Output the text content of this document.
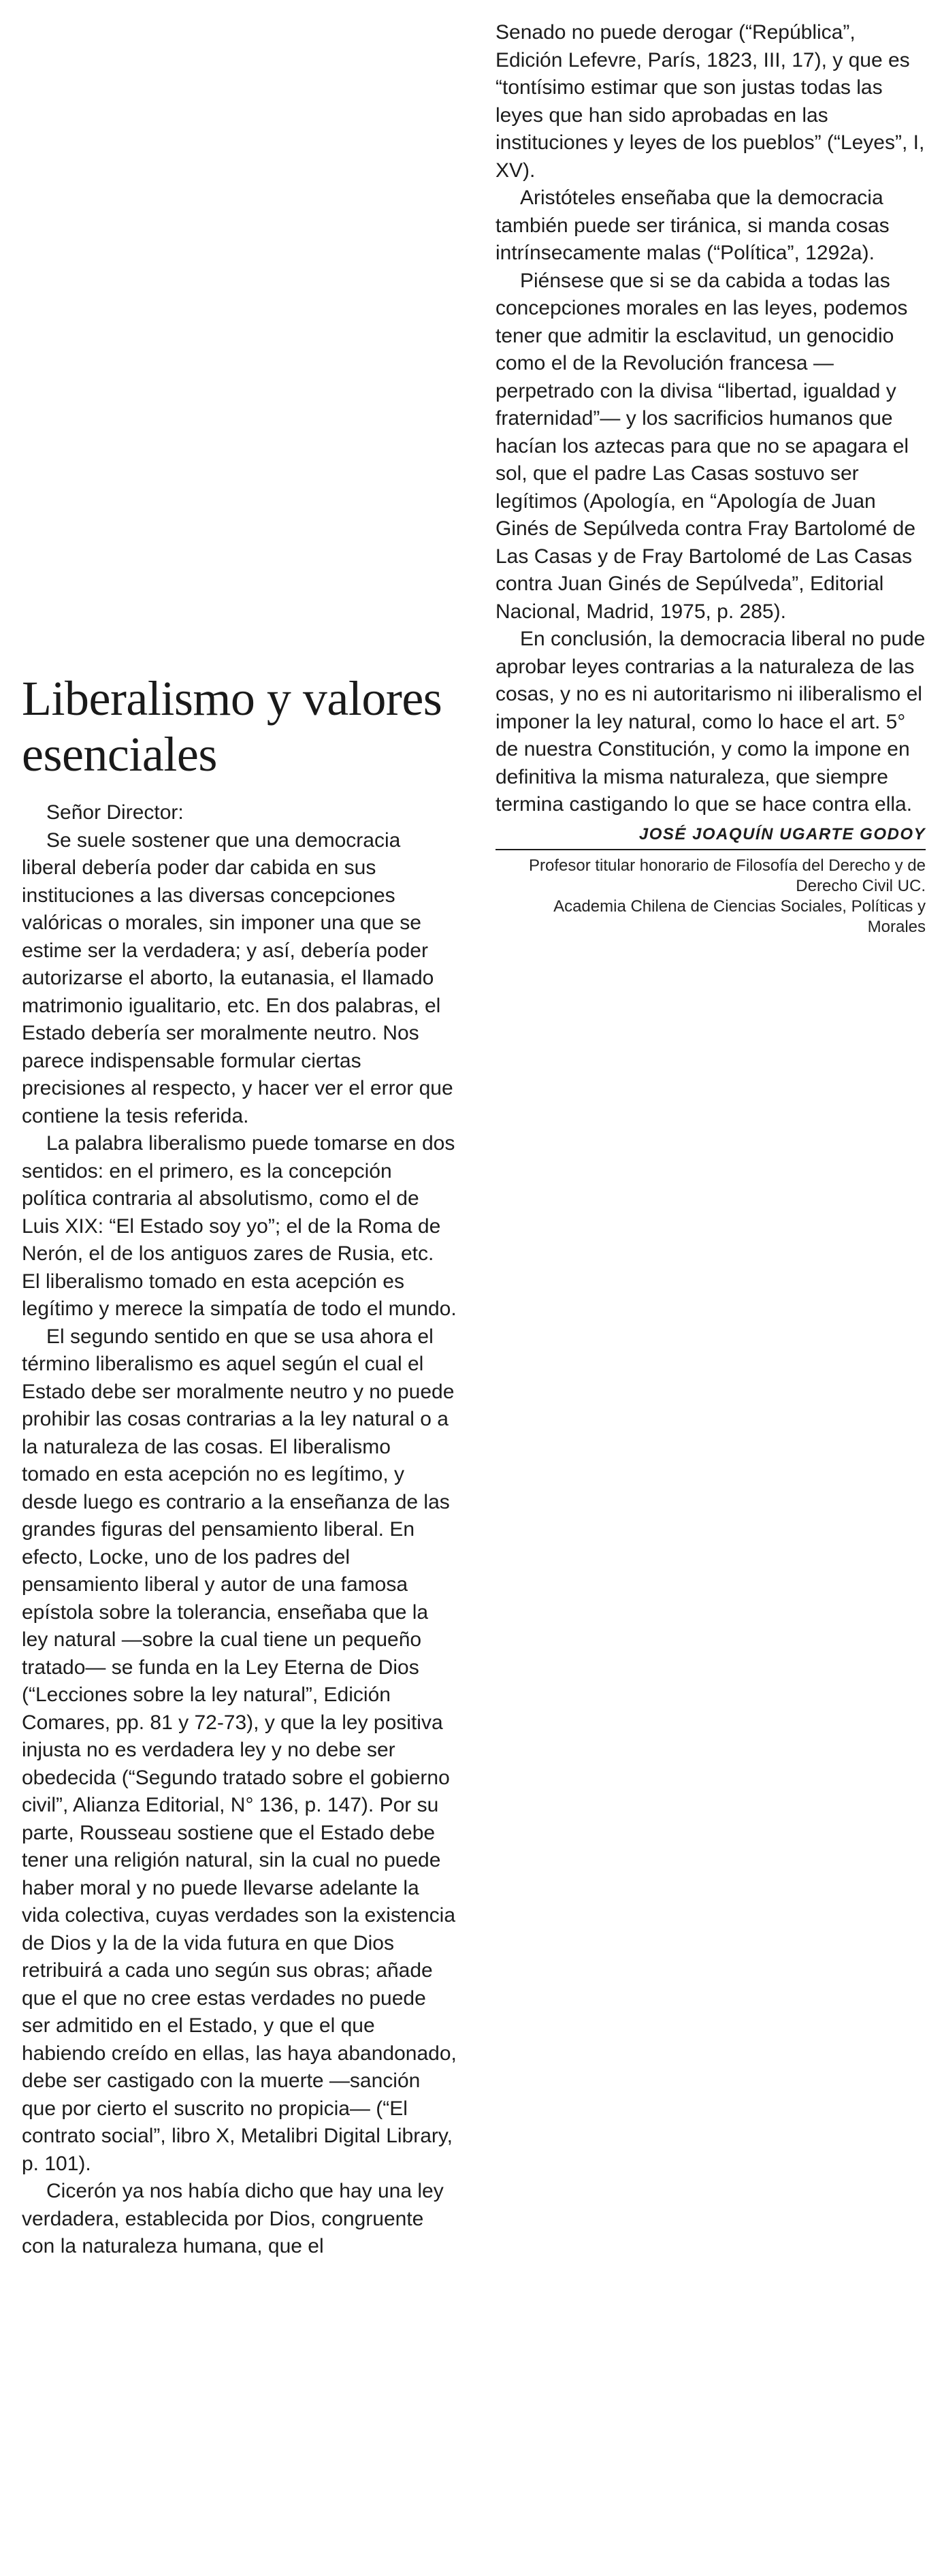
Liberalismo y valores esenciales

Señor Director:

Se suele sostener que una democracia liberal debería poder dar cabida en sus instituciones a las diversas concepciones valóricas o morales, sin imponer una que se estime ser la verdadera; y así, debería poder autorizarse el aborto, la eutanasia, el llamado matrimonio igualitario, etc. En dos palabras, el Estado debería ser moralmente neutro. Nos parece indispensable formular ciertas precisiones al respecto, y hacer ver el error que contiene la tesis referida.

La palabra liberalismo puede tomarse en dos sentidos: en el primero, es la concepción política contraria al absolutismo, como el de Luis XIX: “El Estado soy yo”; el de la Roma de Nerón, el de los antiguos zares de Rusia, etc. El liberalismo tomado en esta acepción es legítimo y merece la simpatía de todo el mundo.

El segundo sentido en que se usa ahora el término liberalismo es aquel según el cual el Estado debe ser moralmente neutro y no puede prohibir las cosas contrarias a la ley natural o a la naturaleza de las cosas. El liberalismo tomado en esta acepción no es legítimo, y desde luego es contrario a la enseñanza de las grandes figuras del pensamiento liberal. En efecto, Locke, uno de los padres del pensamiento liberal y autor de una famosa epístola sobre la tolerancia, enseñaba que la ley natural —sobre la cual tiene un pequeño tratado— se funda en la Ley Eterna de Dios (“Lecciones sobre la ley natural”, Edición Comares, pp. 81 y 72-73), y que la ley positiva injusta no es verdadera ley y no debe ser obedecida (“Segundo tratado sobre el gobierno civil”, Alianza Editorial, N° 136, p. 147). Por su parte, Rousseau sostiene que el Estado debe tener una religión natural, sin la cual no puede haber moral y no puede llevarse adelante la vida colectiva, cuyas verdades son la existencia de Dios y la de la vida futura en que Dios retribuirá a cada uno según sus obras; añade que el que no cree estas verdades no puede ser admitido en el Estado, y que el que habiendo creído en ellas, las haya abandonado, debe ser castigado con la muerte —sanción que por cierto el suscrito no propicia— (“El contrato social”, libro X, Metalibri Digital Library, p. 101).

Cicerón ya nos había dicho que hay una ley verdadera, establecida por Dios, congruente con la naturaleza humana, que el

Senado no puede derogar (“República”, Edición Lefevre, París, 1823, III, 17), y que es “tontísimo estimar que son justas todas las leyes que han sido aprobadas en las instituciones y leyes de los pueblos” (“Leyes”, I, XV).

Aristóteles enseñaba que la democracia también puede ser tiránica, si manda cosas intrínsecamente malas (“Política”, 1292a).

Piénsese que si se da cabida a todas las concepciones morales en las leyes, podemos tener que admitir la esclavitud, un genocidio como el de la Revolución francesa —perpetrado con la divisa “libertad, igualdad y fraternidad”— y los sacrificios humanos que hacían los aztecas para que no se apagara el sol, que el padre Las Casas sostuvo ser legítimos (Apología, en “Apología de Juan Ginés de Sepúlveda contra Fray Bartolomé de Las Casas y de Fray Bartolomé de Las Casas contra Juan Ginés de Sepúlveda”, Editorial Nacional, Madrid, 1975, p. 285).

En conclusión, la democracia liberal no pude aprobar leyes contrarias a la naturaleza de las cosas, y no es ni autoritarismo ni iliberalismo el imponer la ley natural, como lo hace el art. 5° de nuestra Constitución, y como la impone en definitiva la misma naturaleza, que siempre termina castigando lo que se hace contra ella.

JOSÉ JOAQUÍN UGARTE GODOY

Profesor titular honorario de Filosofía del Derecho y de Derecho Civil UC.

Academia Chilena de Ciencias Sociales, Políticas y Morales
